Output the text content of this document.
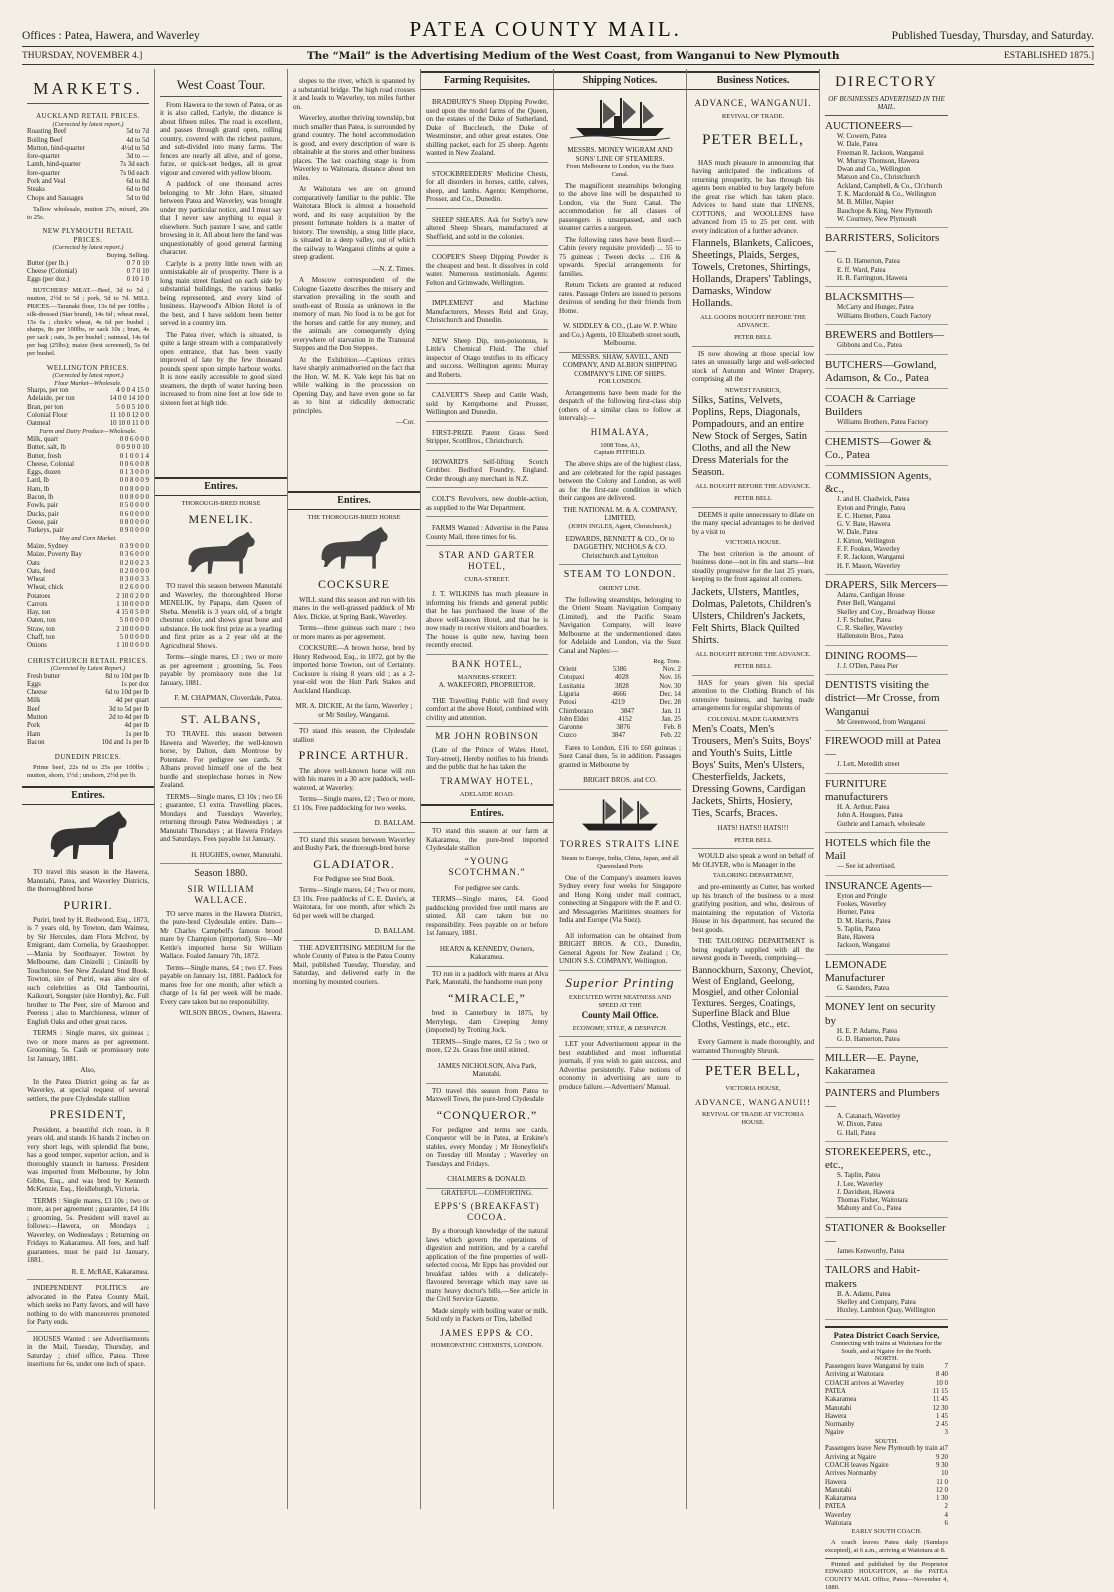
Offices : Patea, Hawera, and Waverley	PATEA COUNTY MAIL.	Published Tuesday, Thursday, and Saturday.
THURSDAY, NOVEMBER 4.]	The “Mail” is the Advertising Medium of the West Coast, from Wanganui to New Plymouth	ESTABLISHED 1875.]
MARKETS.
AUCKLAND RETAIL PRICES.
(Corrected by latest report.)
Roasting Beef	5d to 7d
Boiling Beef	4d to 5d
Mutton, hind-quarter	4½d to 5d
fore-quarter	3d to —
Lamb, hind-quarter	7s 3d each
fore-quarter	7s 0d each
Pork and Veal	6d to 8d
Steaks	6d to 0d
Chops and Sausages	5d to 0d
Tallow wholesale, mutton 27s, mixed, 20s to 25s.
NEW PLYMOUTH RETAIL PRICES.
(Corrected by latest report.)
Buying. Selling.
Butter (per lb.)	0 7 0 10
Cheese (Colonial)	0 7 0 10
Eggs (per doz.)	0 10 1 0
BUTCHERS' MEAT.—Beef, 3d to 5d ; mutton, 2½d to 5d ; pork, 5d to 7d. MILL PRICES.—Taranaki flour, 13s 6d per 100lbs ; silk-dressed (Star brand), 14s 6d ; wheat meal, 15s 6s ; chick's wheat, 4s 6d per bushel ; sharps, 8s per 100lbs, or sack 10s ; bran, 4s per sack ; oats, 3s per bushel ; oatmeal, 14s 6d per bag (25lbs); maize (best screened), 5s 0d per bushel.
WELLINGTON PRICES.
(Corrected by latest report.)
Flour Market—Wholesale.
Sharps, per ton	4 0 0 4 15 0
Adelaide, per ton	14 0 0 14 10 0
Bran, per ton	5 0 0 5 10 0
Colonial Flour	11 10 0 12 0 0
Oatmeal	10 10 0 11 0 0
Farm and Dairy Produce—Wholesale.
Milk, quart	0 0 6 0 0 0
Butter, salt, lb	0 0 9 0 0 10
Butter, fresh	0 1 0 0 1 4
Cheese, Colonial	0 0 6 0 0 8
Eggs, dozen	0 1 3 0 0 0
Lard, lb	0 0 8 0 0 9
Ham, lb	0 0 8 0 0 0
Bacon, lb	0 0 8 0 0 0
Fowls, pair	0 5 0 0 0 0
Ducks, pair	0 6 0 0 0 0
Geese, pair	0 8 0 0 0 0
Turkeys, pair	0 9 0 0 0 0
Hay and Corn Market.
Maize, Sydney	0 3 9 0 0 0
Maize, Poverty Bay	0 3 6 0 0 0
Oats	0 2 0 0 2 3
Oats, feed	0 2 0 0 0 0
Wheat	0 3 0 0 3 3
Wheat, chick	0 2 6 0 0 0
Potatoes	2 10 0 2 0 0
Carrots	1 10 0 0 0 0
Hay, ton	4 15 0 5 0 0
Oaten, ton	5 0 0 0 0 0
Straw, ton	2 10 0 0 0 0
Chaff, ton	5 0 0 0 0 0
Onions	1 10 0 0 0 0
CHRISTCHURCH RETAIL PRICES.
(Corrected by Latest Report.)
Fresh butter	8d to 10d per lb
Eggs	1s per doz
Cheese	6d to 10d per lb
Milk	4d per quart
Beef	3d to 5d per lb
Mutton	2d to 4d per lb
Pork	4d per lb
Ham	1s per lb
Bacon	10d and 1s per lb
DUNEDIN PRICES.
Prime beef, 22s 6d to 25s per 100lbs ; mutton, shorn, 1½d ; unshorn, 2½d per lb.
Entires.
TO travel this season in the Hawera, Manutahi, Patea, and Waverley Districts, the thoroughbred horse
PURIRI.
Puriri, bred by H. Redwood, Esq., 1873, is 7 years old, by Towton, dam Waimea, by Sir Hercules, dam Flora McIvor, by Emigrant, dam Cornelia, by Grasshopper.—Mania by Soothsayer. Towton by Melbourne, dam Cinizelli ; Cinizelli by Touchstone. See New Zealand Stud Book. Towton, sire of Puriri, was also sire of such celebrities as Old Tambourini, Kaikouri, Songster (sire Hornby), &c. Full brother to The Peer, sire of Maroon and Peeress ; also to Marchioness, winner of English Oaks and other great races.
TERMS : Single mares, six guineas ; two or more mares as per agreement. Grooming, 5s. Cash or promissory note 1st January, 1881.
Also,
In the Patea District going as far as Waverley, at special request of several settlers, the pure Clydesdale stallion
PRESIDENT,
President, a beautiful rich roan, is 8 years old, and stands 16 hands 2 inches on very short legs, with splendid flat bone, has a good temper, superior action, and is thoroughly staunch in harness. President was imported from Melbourne, by John Gibbs, Esq., and was bred by Kenneth McKenzie, Esq., Heidleburgh, Victoria.
TERMS : Single mares, £3 10s ; two or more, as per agreement ; guarantee, £4 10s ; grooming, 5s. President will travel as follows:—Hawera, on Mondays ; Waverley, on Wednesdays ; Returning on Fridays to Kakaramea. All fees, and half guarantees, must be paid 1st January, 1881.
R. E. McRAE, Kakaramea.
INDEPENDENT POLITICS are advocated in the Patea County Mail, which seeks no Party favors, and will have nothing to do with manceuvres promoted for Party ends.
HOUSES Wanted : see Advertisements in the Mail, Tuesday, Thursday, and Saturday ; chief office, Patea. Three insertions for 6s, under one inch of space.
West Coast Tour.
From Hawera to the town of Patea, or as it is also called, Carlyle, the distance is about fifteen miles. The road is excellent, and passes through grand open, rolling country, covered with the richest pasture, and sub-divided into many farms. The fences are nearly all alive, and of gorse, furze, or quick-set hedges, all in great vigour and covered with yellow bloom.
A paddock of one thousand acres belonging to Mr John Hare, situated between Patea and Waverley, was brought under my particular notice, and I must say that I never saw anything to equal it elsewhere. Such pasture I saw, and cattle browsing in it. All about here the land was unquestionably of good general farming character.
Carlyle is a pretty little town with an unmistakable air of prosperity. There is a long main street flanked on each side by substantial buildings, the various banks being represented, and every kind of business. Haywood's Albion Hotel is of the best, and I have seldom been better served in a country inn.
The Patea river, which is situated, is quite a large stream with a comparatively open entrance, that has been vastly improved of late by the few thousand pounds spent upon simple harbour works. It is now easily accessible to good sized steamers, the depth of water having been increased to from nine feet at low tide to sixteen feet at high tide.
Entires.
THOROUGH-BRED HORSE
MENELIK.
TO travel this season between Manutahi and Waverley, the thoroughbred Horse MENELIK, by Papapa, dam Queen of Sheba. Menelik is 3 years old, of a bright chestnut color, and shows great bone and substance. He took first prize as a yearling and first prize as a 2 year old at the Agricultural Shows.
Terms—single mares, £3 ; two or more as per agreement ; grooming, 5s. Fees payable by promissory note due 1st January, 1881.
F. M. CHAPMAN, Cloverdale, Patea.
ST. ALBANS,
TO TRAVEL this season between Hawera and Waverley, the well-known horse, by Dalton, dam Montrose by Potentate. For pedigree see cards. St Albans proved himself one of the best hurdle and steeplechase horses in New Zealand.
TERMS—Single mares, £3 10s ; two £6 ; guarantee, £1 extra. Travelling places, Mondays and Tuesdays Waverley, returning through Patea Wednesdays ; at Manutahi Thursdays ; at Hawera Fridays and Saturdays. Fees payable 1st January.
H. HUGHES, owner, Manutahi.
Season 1880.
SIR WILLIAM WALLACE.
TO serve mares in the Hawera District, the pure-bred Clydesdale entire. Dam—Mr Charles Campbell's famous brood mare by Champion (imported). Sire—Mr Kettle's imported horse Sir William Wallace. Foaled January 7th, 1872.
Terms—Single mares, £4 ; two £7. Fees payable on January 1st, 1881. Paddock for mares free for one month, after which a charge of 1s 6d per week will be made. Every care taken but no responsibility.
WILSON BROS., Owners, Hawera.
slopes to the river, which is spanned by a substantial bridge. The high road crosses it and leads to Waverley, ten miles further on.
Waverley, another thriving township, but much smaller than Patea, is surrounded by grand country. The hotel accommodation is good, and every description of ware is obtainable at the stores and other business places. The last coaching stage is from Waverley to Waitotara, distance about ten miles.
At Waitotara we are on ground comparatively familiar to the public. The Waitotara Block is almost a household word, and its easy acquisition by the present fortunate holders is a matter of history. The township, a snug little place, is situated in a deep valley, out of which the railway to Wanganui climbs at quite a steep gradient.
—N. Z. Times.
A Moscow correspondent of the Cologne Gazette describes the misery and starvation prevailing in the south and south-east of Russia as unknown in the memory of man. No food is to be got for the horses and cattle for any money, and the animals are consequently dying everywhere of starvation in the Transural Steppes and the Don Steppes.
At the Exhibition.—Captious critics have sharply animadverted on the fact that the Hon. W. M. K. Vale kept his hat on while walking in the procession on Opening Day, and have even gone so far as to hint at ridiculily democratic principles.
—Cor.
Entires.
THE THOROUGH-BRED HORSE
COCKSURE
WILL stand this season and run with his mares in the well-grassed paddock of Mr Alex. Dickie, at Spring Bank, Waverley.
Terms—three guineas each mare ; two or more mares as per agreement.
COCKSURE—A brown horse, bred by Henry Redwood, Esq., in 1872, got by the imported horse Towton, out of Certainty. Cocksure is rising 8 years old ; as a 2-year-old won the Hutt Park Stakes and Auckland Handicap.
MR. A. DICKIE, At the farm, Waverley ; or Mr Smiley, Wanganui.
TO stand this season, the Clydesdale stallion
PRINCE ARTHUR.
The above well-known horse will run with his mares in a 30 acre paddock, well-watered, at Waverley.
Terms—Single mares, £2 ; Two or more, £1 10s. Free paddocking for two weeks.
D. BALLAM.
TO stand this season between Waverley and Bushy Park, the thorough-bred horse
GLADIATOR.
For Pedigree see Stud Book.
Terms—Single mares, £4 ; Two or more, £3 10s. Free paddocks of C. E. Davie's, at Waitotara, for one month, after which 2s 6d per week will be charged.
D. BALLAM.
THE ADVERTISING MEDIUM for the whole County of Patea is the Patea County Mail, published Tuesday, Thursday, and Saturday, and delivered early in the morning by mounted couriers.
Farming Requisites.
BRADBURY'S Sheep Dipping Powder, used upon the model farms of the Queen, on the estates of the Duke of Sutherland, Duke of Buccleuch, the Duke of Westminster, and other great estates. One shilling packet, each for 25 sheep. Agents wanted in New Zealand.
STOCKBREEDERS' Medicine Chests, for all disorders in horses, cattle, calves, sheep, and lambs. Agents: Kempthorne, Prosser, and Co., Dunedin.
SHEEP SHEARS. Ask for Sorby's new altered Sheep Shears, manufactured at Sheffield, and sold in the colonies.
COOPER'S Sheep Dipping Powder is the cheapest and best. It dissolves in cold water. Numerous testimonials. Agents: Felton and Grimwade, Wellington.
IMPLEMENT and Machine Manufacturers, Messrs Reid and Gray, Christchurch and Dunedin.
NEW Sheep Dip, non-poisonous, is Little's Chemical Fluid. The chief inspector of Otago testifies to its efficacy and success. Wellington agents: Murray and Roberts.
CALVERT'S Sheep and Cattle Wash, sold by Kempthorne and Prosser, Wellington and Dunedin.
FIRST-PRIZE Patent Grass Seed Stripper, ScottBros., Christchurch.
HOWARD'S Self-lifting Scotch Grubber. Bedford Foundry, England. Order through any merchant in N.Z.
COLT'S Revolvers, new double-action, as supplied to the War Department.
FARMS Wanted : Advertise in the Patea County Mail, three times for 6s.
STAR AND GARTER HOTEL,
CUBA-STREET.
J. T. WILKINS has much pleasure in informing his friends and general public that he has purchased the lease of the above well-known Hotel, and that he is now ready to receive visitors and boarders. The house is quite new, having been recently erected.
BANK HOTEL,
MANNERS-STREET.
A. WAKEFORD, PROPRIETOR.
THE Travelling Public will find every comfort at the above Hotel, combined with civility and attention.
MR JOHN ROBINSON
(Late of the Prince of Wales Hotel, Tory-street), Hereby notifies to his friends and the public that he has taken the
TRAMWAY HOTEL,
ADELAIDE ROAD.
Entires.
TO stand this season at our farm at Kakaramea, the pure-bred imported Clydesdale stallion
“YOUNG SCOTCHMAN.”
For pedigree see cards.
TERMS—Single mares, £4. Good paddocking provided free until mares are stinted. All care taken but no responsibility. Fees payable on or before 1st January, 1881.
HEARN & KENNEDY, Owners, Kakaramea.
TO run in a paddock with mares at Alva Park, Manutahi, the handsome roan pony
“MIRACLE,”
bred in Canterbury in 1875, by Merrylegs, dam Creeping Jenny (imported) by Trotting Jock.
TERMS—Single mares, £2 5s ; two or more, £2 2s. Grass free until stinted.
JAMES NICHOLSON, Alva Park, Manutahi.
TO travel this season from Patea to Maxwell Town, the pure-bred Clydesdale
“CONQUEROR.”
For pedigree and terms see cards. Conqueror will be in Patea, at Erskine's stables, every Monday ; Mr Honeyfield's on Tuesday till Monday ; Waverley on Tuesdays and Fridays.
CHALMERS & DONALD.
GRATEFUL—COMFORTING.
EPPS'S (BREAKFAST) COCOA.
By a thorough knowledge of the natural laws which govern the operations of digestion and nutrition, and by a careful application of the fine properties of well-selected cocoa, Mr Epps has provided our breakfast tables with a delicately-flavoured beverage which may save us many heavy doctor's bills.—See article in the Civil Service Gazette.
Made simply with boiling water or milk. Sold only in Packets or Tins, labelled
JAMES EPPS & CO.
HOMEOPATHIC CHEMISTS, LONDON.
Shipping Notices.
MESSRS. MONEY WIGRAM AND SONS' LINE OF STEAMERS.
From Melbourne to London, via the Suez Canal.
The magnificent steamships belonging to the above line will be despatched to London, via the Suez Canal. The accommodation for all classes of passengers is unsurpassed, and each steamer carries a surgeon.
The following rates have been fixed:— Cabin (every requisite provided) ... 55 to 75 guineas ; Tween decks ... £16 & upwards. Special arrangements for families.
Return Tickets are granted at reduced rates. Passage Orders are issued to persons desirous of sending for their friends from Home.
W. SIDDLEY & CO., (Late W. P. White and Co.) Agents, 10 Elizabeth street south, Melbourne.
MESSRS. SHAW, SAVILL, AND COMPANY, AND ALBION SHIPPING COMPANY'S LINE OF SHIPS.
FOR LONDON.
Arrangements have been made for the despatch of the following first-class ship (others of a similar class to follow at intervals):—
HIMALAYA,
1008 Tons, A1,
Captain PITFIELD.
The above ships are of the highest class, and are celebrated for the rapid passages between the Colony and London, as well as for the first-rate condition in which their cargoes are delivered.
THE NATIONAL M. & A. COMPANY, LIMITED,
(JOHN INGLES, Agent, Christchurch,)
EDWARDS, BENNETT & CO., Or to DAGGETHY, NICHOLS & CO. Christchurch and Lyttelton
STEAM TO LONDON.
ORIENT LINE.
The following steamships, belonging to the Orient Steam Navigation Company (Limited), and the Pacific Steam Navigation Company, will leave Melbourne at the undermentioned dates for Adelaide and London, via the Suez Canal and Naples:—
Reg. Tons.
Orient	5386	Nov. 2
Cotopaxi	4028	Nov. 16
Lusitania	3828	Nov. 30
Liguria	4666	Dec. 14
Potosi	4219	Dec. 28
Chimborazo	3847	Jan. 11
John Elder	4152	Jan. 25
Garonne	3876	Feb. 8
Cuzco	3847	Feb. 22
Fares to London, £16 to £60 guineas ; Suez Canal dues, 5s in addition. Passages granted in Melbourne by
BRIGHT BROS. and CO.
TORRES STRAITS LINE
Steam to Europe, India, China, Japan, and all Queensland Ports
One of the Company's steamers leaves Sydney every four weeks for Singapore and Hong Kong under mail contract, connecting at Singapore with the P. and O. and Messageries Maritimes steamers for India and Europe (Via Suez).
All information can be obtained from BRIGHT BROS. & CO., Dunedin, General Agents for New Zealand ; Or, UNION S.S. COMPANY, Wellington.
Superior Printing
EXECUTED WITH NEATNESS AND SPEED AT THE
County Mail Office.
ECONOMY, STYLE, & DESPATCH.
LET your Advertisement appear in the best established and most influential journals, if you wish to gain success, and Advertise persistently. False notions of economy in advertising are sure to produce failure.—Advertisers' Manual.
Business Notices.
ADVANCE, WANGANUI.
REVIVAL OF TRADE.
PETER BELL,
HAS much pleasure in announcing that having anticipated the indications of returning prosperity, he has through his agents been enabled to buy largely before the great rise which has taken place. Advices to hand state that LINENS, COTTONS, and WOOLLENS have advanced from 15 to 25 per cent. with every indication of a further advance.
Flannels, Blankets, Calicoes, Sheetings, Plaids, Serges, Towels, Cretones, Shirtings, Hollands, Drapers' Tablings, Damasks, Window Hollands.
ALL GOODS BOUGHT BEFORE THE ADVANCE.
PETER BELL
IS now showing at those special low rates an unusually large and well-selected stock of Autumn and Winter Drapery, comprising all the
NEWEST FABRICS,
Silks, Satins, Velvets, Poplins, Reps, Diagonals, Pompadours, and an entire New Stock of Serges, Satin Cloths, and all the New Dress Materials for the Season.
ALL BOUGHT BEFORE THE ADVANCE.
PETER BELL
DEEMS it quite unnecessary to dilate on the many special advantages to be derived by a visit to
VICTORIA HOUSE.
The best criterion is the amount of business done—not in fits and starts—but steadily progressive for the last 25 years, keeping to the front against all comers.
Jackets, Ulsters, Mantles, Dolmas, Paletots, Children's Ulsters, Children's Jackets, Felt Shirts, Black Quilted Shirts.
ALL BOUGHT BEFORE THE ADVANCE.
PETER BELL
HAS for years given his special attention to the Clothing Branch of his extensive business, and having made arrangements for regular shipments of
COLONIAL MADE GARMENTS
Men's Coats, Men's Trousers, Men's Suits, Boys' and Youth's Suits, Little Boys' Suits, Men's Ulsters, Chesterfields, Jackets, Dressing Gowns, Cardigan Jackets, Shirts, Hosiery, Ties, Scarfs, Braces.
HATS! HATS!! HATS!!!
PETER BELL
WOULD also speak a word on behalf of Mr OLIVER, who is Manager in the
TAILORING DEPARTMENT,
and pre-eminently as Cutter, has worked up his branch of the business to a most gratifying position, and who, desirous of maintaining the reputation of Victoria House in his department, has secured the best goods.
THE TAILORING DEPARTMENT is being regularly supplied with all the newest goods in Tweeds, comprising—
Bannockburn, Saxony, Cheviot, West of England, Geelong, Mosgiel, and other Colonial Textures. Serges, Coatings, Superfine Black and Blue Cloths, Vestings, etc., etc.
Every Garment is made thoroughly, and warranted Thoroughly Shrunk.
PETER BELL,
VICTORIA HOUSE,
ADVANCE, WANGANUI!!
REVIVAL OF TRADE AT VICTORIA HOUSE.
DIRECTORY
OF BUSINESSES ADVERTISED IN THE MAIL.
AUCTIONEERS—
W. Cowern, Patea
W. Dale, Patea
Freeman R. Jackson, Wanganui
W. Murray Thomson, Hawera
Dwan and Co., Wellington
Matson and Co., Christchurch
Ackland, Campbell, & Co., Ch'church
T. K. Macdonald & Co., Wellington
M. B. Miller, Napier
Bauchope & King, New Plymouth
W. Courtney, New Plymouth
BARRISTERS, Solicitors—
G. D. Hamerton, Patea
E. ff. Ward, Patea
H. R. Farrington, Hawera
BLACKSMITHS—
McCarty and Hunger, Patea
Williams Brothers, Coach Factory
BREWERS and Bottlers—
Gibbons and Co., Patea
BUTCHERS—Gowland, Adamson, & Co., Patea
COACH & Carriage Builders
Williams Brothers, Patea Factory
CHEMISTS—Gower & Co., Patea
COMMISSION Agents, &c.,
J. and H. Chadwick, Patea
Eyton and Pringle, Patea
E. C. Horner, Patea
G. V. Bate, Hawera
W. Dale, Patea
J. Kirton, Wellington
F. F. Fookes, Waverley
F. R. Jackson, Wanganui
H. F. Mason, Waverley
DRAPERS, Silk Mercers—
Adams, Cardigan House
Peter Bell, Wanganui
Skelley and Coy., Broadway House
J. F. Schulter, Patea
C. R. Skelley, Waverley
Hallenstein Bros., Patea
DINING ROOMS—
J. J. O'Den, Patea Pier
DENTISTS visiting the district—Mr Crosse, from Wanganui
Mr Greenwood, from Wanganui
FIREWOOD mill at Patea—
J. Lett, Meredith street
FURNITURE manufacturers
H. A. Arthur, Patea
John A. Hougues, Patea
Guthrie and Larnach, wholesale
HOTELS which file the Mail
— See ist advertised.
INSURANCE Agents—
Eyton and Pringle
Fookes, Waverley
Horner, Patea
D. M. Harris, Patea
S. Taplin, Patea
Bate, Hawera
Jackson, Wanganui
LEMONADE Manufacturer
G. Saunders, Patea
MONEY lent on security by
H. E. P. Adams, Patea
G. D. Hamerton, Patea
MILLER—E. Payne, Kakaramea
PAINTERS and Plumbers—
A. Catanach, Waverley
W. Dixon, Patea
G. Hall, Patea
STOREKEEPERS, etc., etc.,
S. Taplin, Patea
J. Lee, Waverley
J. Davidson, Hawera
Thomas Fisher, Waitotara
Mahony and Co., Patea
STATIONER & Bookseller—
James Kenworthy, Patea
TAILORS and Habit-makers
B. A. Adams, Patea
Skelley and Company, Patea
Huxley, Lambton Quay, Wellington
Patea District Coach Service,
Connecting with trains at Waitotara for the South, and at Ngaire for the North.
NORTH.
Passengers leave Wanganui by train	7
Arriving at Waitotara	8 40
COACH arrives at Waverley	10 0
PATEA	11 15
Kakaramea	11 45
Manutahi	12 30
Hawera	1 45
Normanby	2 45
Ngaire	3
SOUTH.
Passengers leave New Plymouth by train at 7
Arriving at Ngaire	9 20
COACH leaves Ngaire	9 30
Arrives Normanby	10
Hawera	11 0
Manutahi	12 0
Kakaramea	1 30
PATEA	2
Waverley	4
Waitotara	6
EARLY SOUTH COACH.
A coach leaves Patea daily (Sundays excepted), at 6 a.m., arriving at Waitotara at 8.
Printed and published by the Proprietor EDWARD HOUGHTON, at the PATEA COUNTY MAIL Office, Patea—November 4, 1880.
